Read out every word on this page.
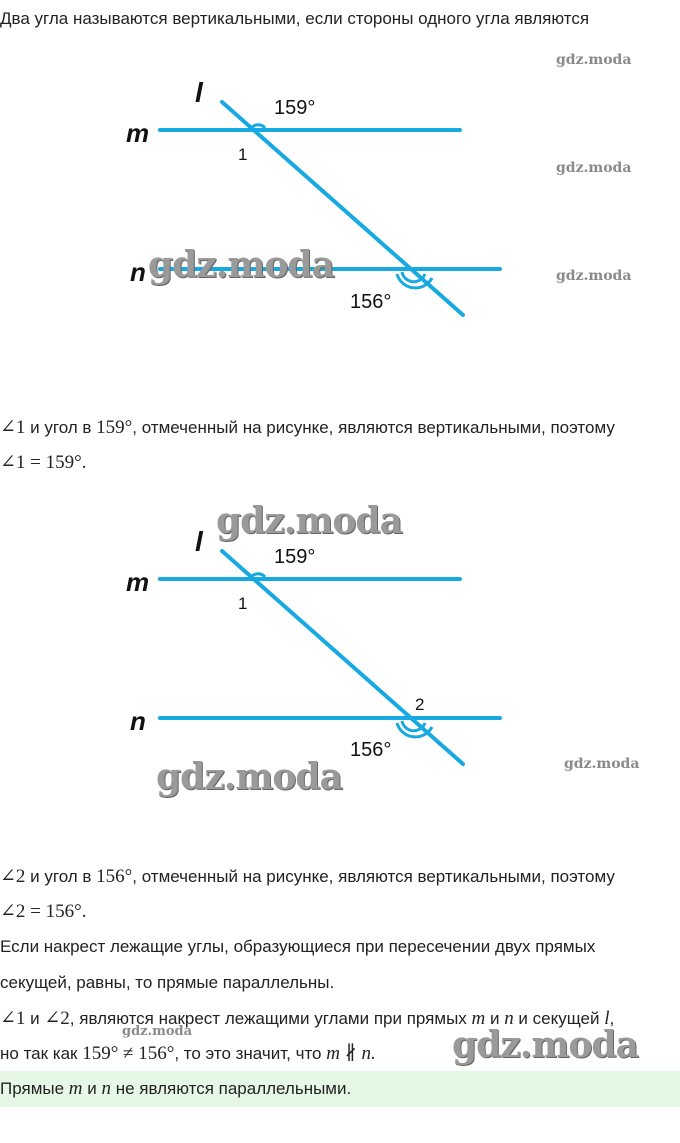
Два угла называются вертикальными, если стороны одного угла являются
gdz.moda
gdz.moda
gdz.moda
gdz.moda
gdz.moda
l
m
n
1
159°
156°
gdz.moda
∠1 и угол в 159°, отмеченный на рисунке, являются вертикальными, поэтому
∠1 = 159°.
l
m
n
1
2
159°
156°
gdz.moda
gdz.moda
∠2 и угол в 156°, отмеченный на рисунке, являются вертикальными, поэтому
∠2 = 156°.
Если накрест лежащие углы, образующиеся при пересечении двух прямых
секущей, равны, то прямые параллельны.
∠1 и ∠2, являются накрест лежащими углами при прямых m и n и секущей l,
но так как 159° ≠ 156°, то это значит, что m ∦ n. gdz.moda
Прямые m и n не являются параллельными.
